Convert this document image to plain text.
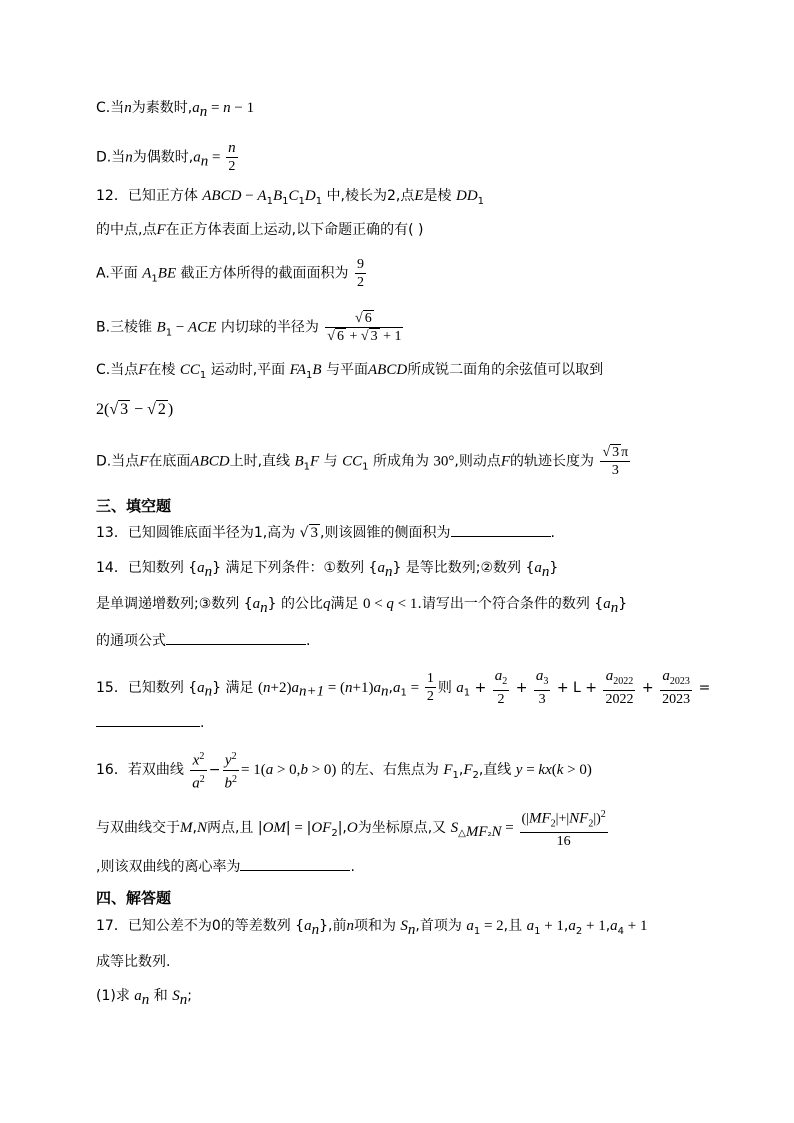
C.当n为素数时$,a_n = n - 1$
D.当n为偶数时$,a_n = \frac{n}{2}$
12．已知正方体 ABCD − $A_1B_1C_1D_1$ 中,棱长为2,点E是棱 $DD_1$
的中点,点F在正方体表面上运动,以下命题正确的有( )
A.平面 $A_1BE$ 截正方体所得的截面面积为 $\frac{9}{2}$
B.三棱锥 $B_1$ − ACE 内切球的半径为 $\frac{√ 6}{√ 6 + √ 3 + 1}$
C.当点F在棱 $CC_1$ 运动时,平面 $FA_1B$ 与平面ABCD所成锐二面角的余弦值可以取到
2(√ 3 − √ 2 )
D.当点F在底面ABCD上时,直线 $B_1F$ 与 $CC_1$ 所成角为 30°,则动点F的轨迹长度为 $\frac{√ 3 \pi}{3}$
三、填空题
13．已知圆锥底面半径为1,高为 √ 3 ,则该圆锥的侧面积为	.
14．已知数列 $\{a_n\}$ 满足下列条件：①数列 $\{a_n\}$ 是等比数列;②数列 $\{a_n\}$
是单调递增数列;③数列 $\{a_n\}$ 的公比q满足 0 < q < 1.请写出一个符合条件的数列 $\{a_n\}$
的通项公式	.
15．已知数列 $\{a_n\}$ 满足 $(n+2)a_{n+1} = (n+1)a_n,a_1 = \frac{1}{2}$ 则 $a_1 + \frac{a_2}{2} + \frac{a_3}{3} + L + \frac{a_{2022}}{2022} + \frac{a_{2023}}{2023}$ =
.
16．若双曲线 $\frac{x^2}{a^2} - \frac{y^2}{b^2} = 1(a > 0,b > 0)$ 的左、右焦点为 $F_1,F_2$,直线 y = kx(k > 0)
与双曲线交于M,N两点,且 $|OM| = |OF_2|,O$为坐标原点,又 $S_{\triangle MF_2N} = \frac{(|MF_2|+|NF_2|)^2}{16}$
,则该双曲线的离心率为	.
四、解答题
17．已知公差不为0的等差数列 $\{a_n\}$,前n项和为 $S_n$,首项为 $a_1 = 2$,且 $a_1 + 1,a_2 + 1,a_4 + 1$
成等比数列.
(1)求 $a_n$ 和 $S_n$;
